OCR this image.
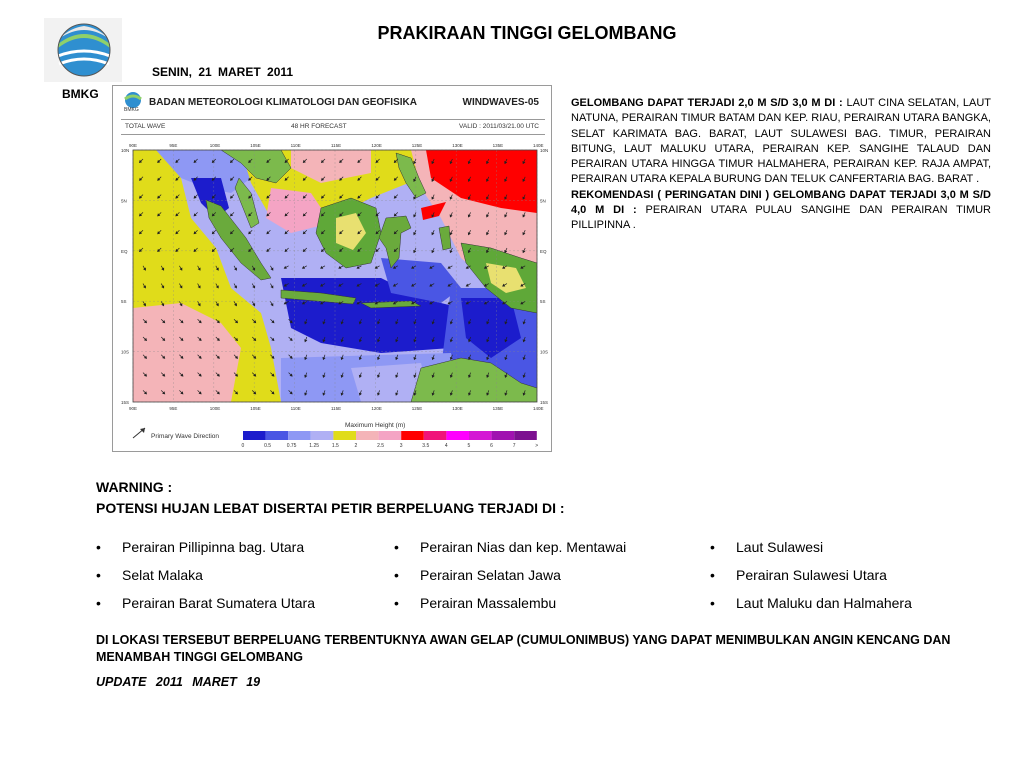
BMKG
PRAKIRAAN TINGGI GELOMBANG
SENIN, 21 MARET 2011
BMKG
BADAN METEOROLOGI KLIMATOLOGI DAN GEOFISIKA	WINDWAVES-05
TOTAL WAVE	48 HR FORECAST	VALID : 2011/03/21.00 UTC
90E	95E	100E	105E	110E	115E	120E	125E	130E	135E	140E
90E	95E	100E	105E	110E	115E	120E	125E	130E	135E	140E
10N
5N
EQ
5S
10S
15S
10N
5N
EQ
5S
10S
15S
Primary Wave Direction
Maximum Height (m)
0	0.5	0.75	1.25	1.5	2	2.5	3	3.5	4	5	6	7	>
GELOMBANG DAPAT TERJADI 2,0 M S/D 3,0 M DI : LAUT CINA SELATAN, LAUT NATUNA, PERAIRAN TIMUR BATAM DAN KEP. RIAU, PERAIRAN UTARA BANGKA, SELAT KARIMATA BAG. BARAT, LAUT SULAWESI BAG. TIMUR, PERAIRAN BITUNG, LAUT MALUKU UTARA, PERAIRAN KEP. SANGIHE TALAUD DAN PERAIRAN UTARA HINGGA TIMUR HALMAHERA, PERAIRAN KEP. RAJA AMPAT, PERAIRAN UTARA KEPALA BURUNG DAN TELUK CANFERTARIA BAG. BARAT .
REKOMENDASI ( PERINGATAN DINI ) GELOMBANG DAPAT TERJADI 3,0 M S/D 4,0 M DI : PERAIRAN UTARA PULAU SANGIHE DAN PERAIRAN TIMUR PILLIPINNA .
WARNING :
POTENSI HUJAN LEBAT DISERTAI PETIR BERPELUANG TERJADI DI :
• Perairan Pillipinna bag. Utara
• Selat Malaka
• Perairan Barat Sumatera Utara
• Perairan Nias dan kep. Mentawai
• Perairan Selatan Jawa
• Perairan Massalembu
• Laut Sulawesi
• Perairan Sulawesi Utara
• Laut Maluku dan Halmahera
DI LOKASI TERSEBUT BERPELUANG TERBENTUKNYA AWAN GELAP (CUMULONIMBUS) YANG DAPAT MENIMBULKAN ANGIN KENCANG DAN MENAMBAH TINGGI GELOMBANG
UPDATE 2011 MARET 19
